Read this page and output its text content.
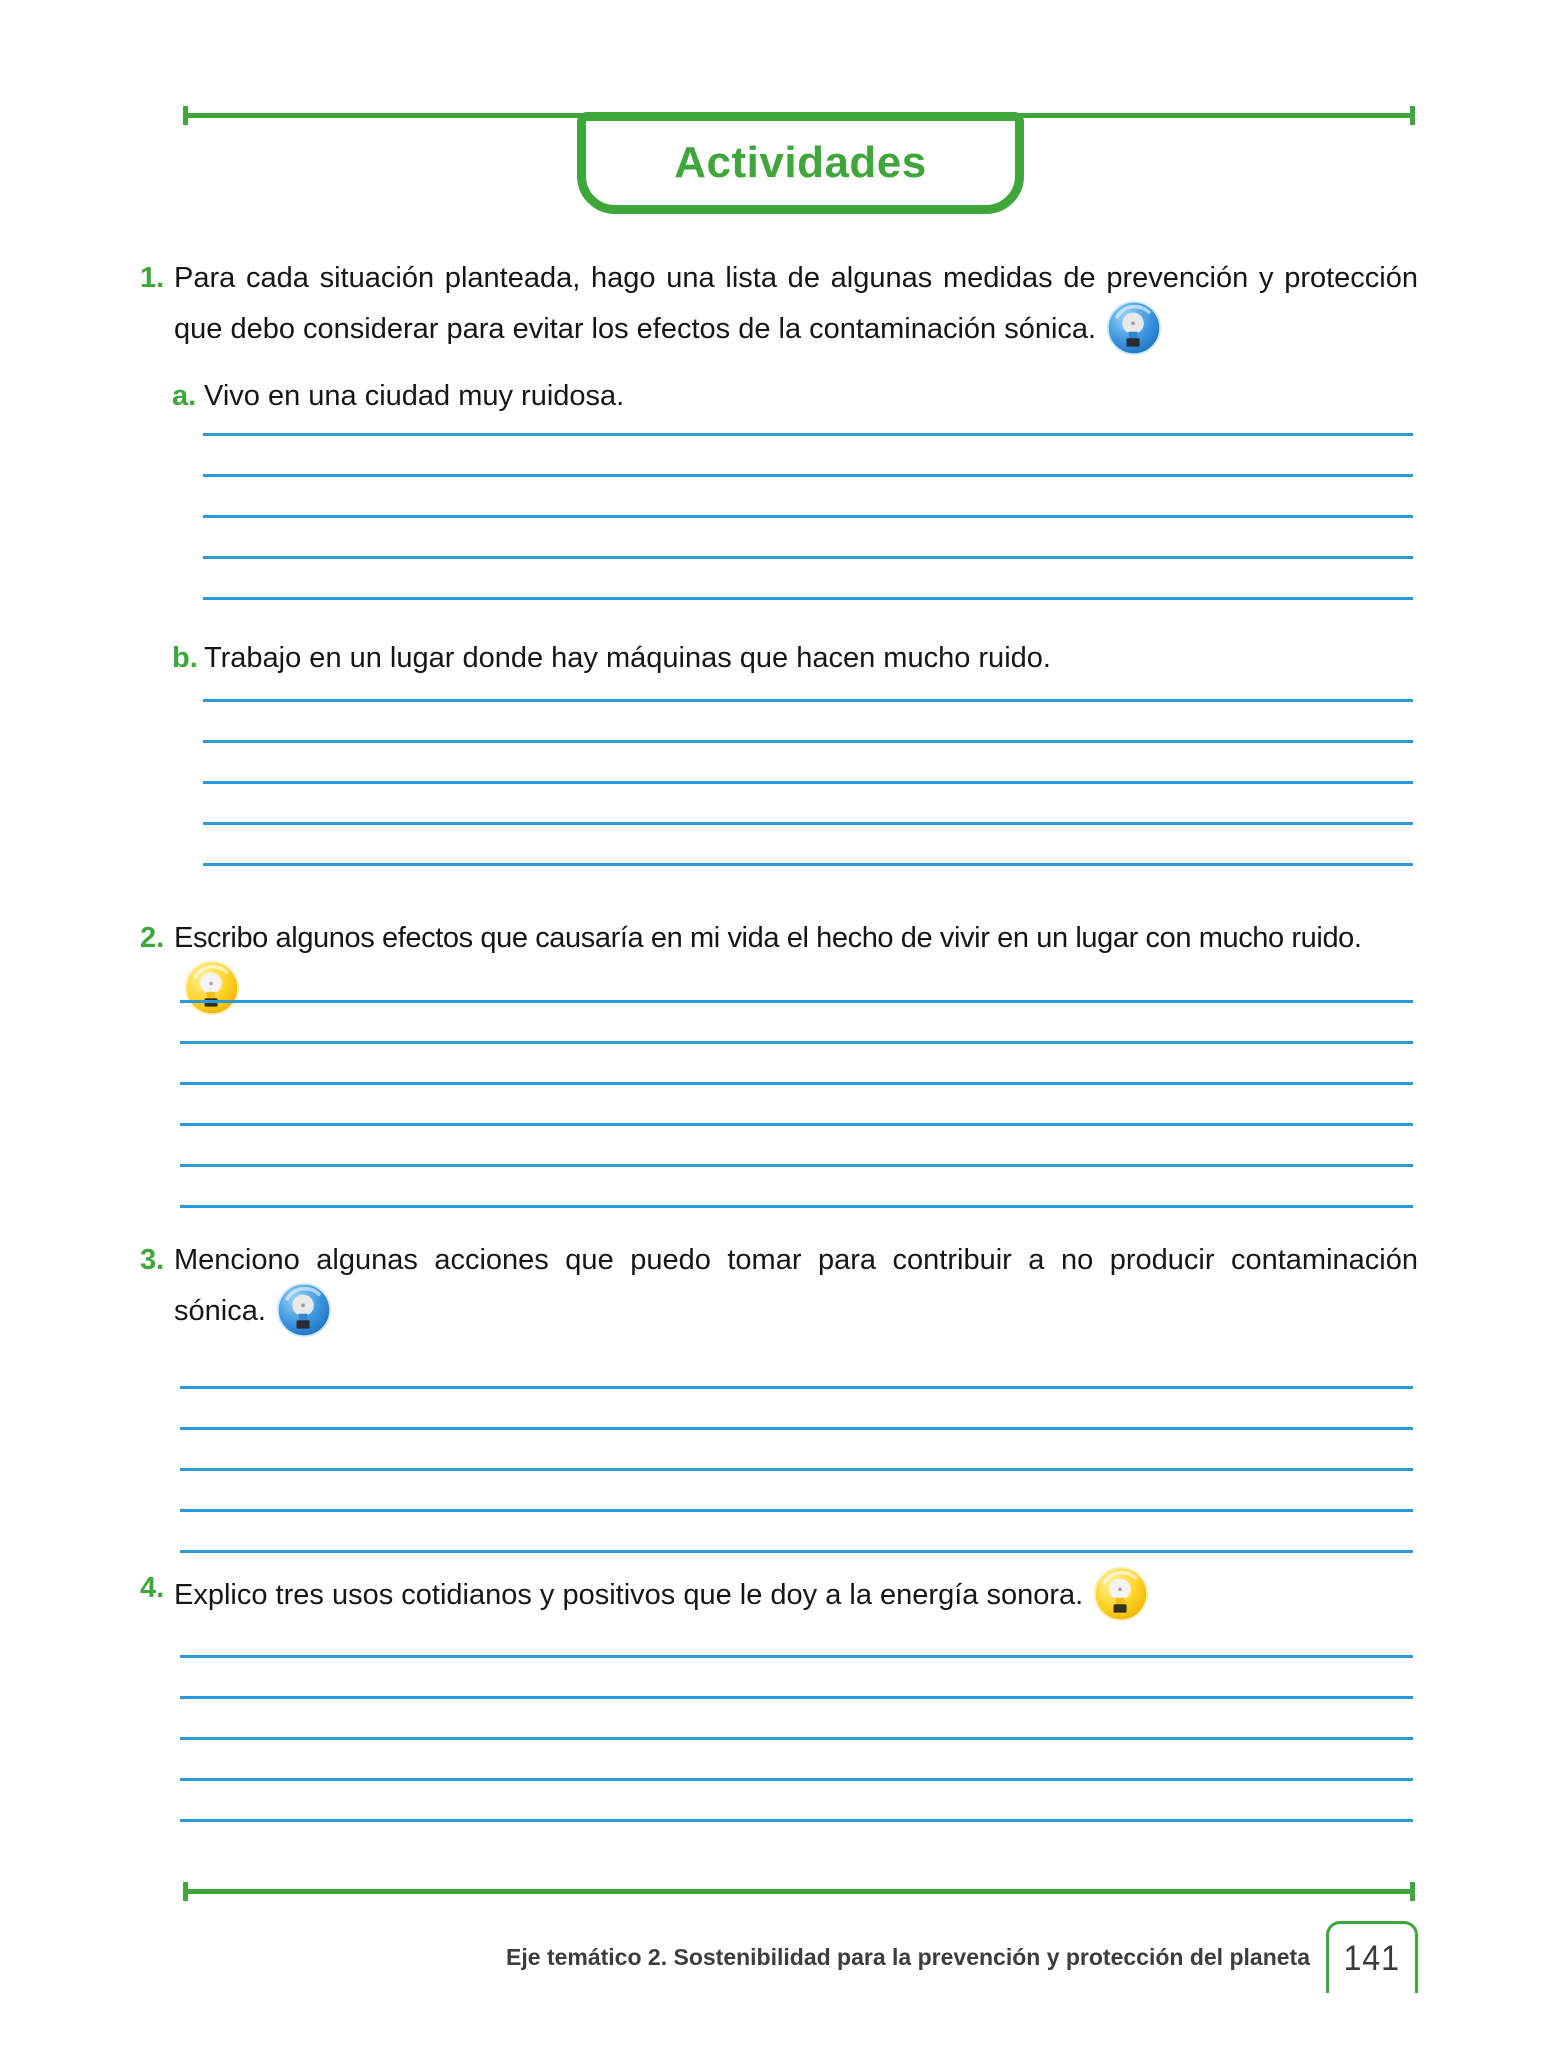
Actividades
1. Para cada situación planteada, hago una lista de algunas medidas de prevención y protección que debo considerar para evitar los efectos de la contaminación sónica.

a. Vivo en una ciudad muy ruidosa.

b. Trabajo en un lugar donde hay máquinas que hacen mucho ruido.

2. Escribo algunos efectos que causaría en mi vida el hecho de vivir en un lugar con mucho ruido.

3. Menciono algunas acciones que puedo tomar para contribuir a no producir contaminación sónica.

4. Explico tres usos cotidianos y positivos que le doy a la energía sonora.

Eje temático 2. Sostenibilidad para la prevención y protección del planeta 141
